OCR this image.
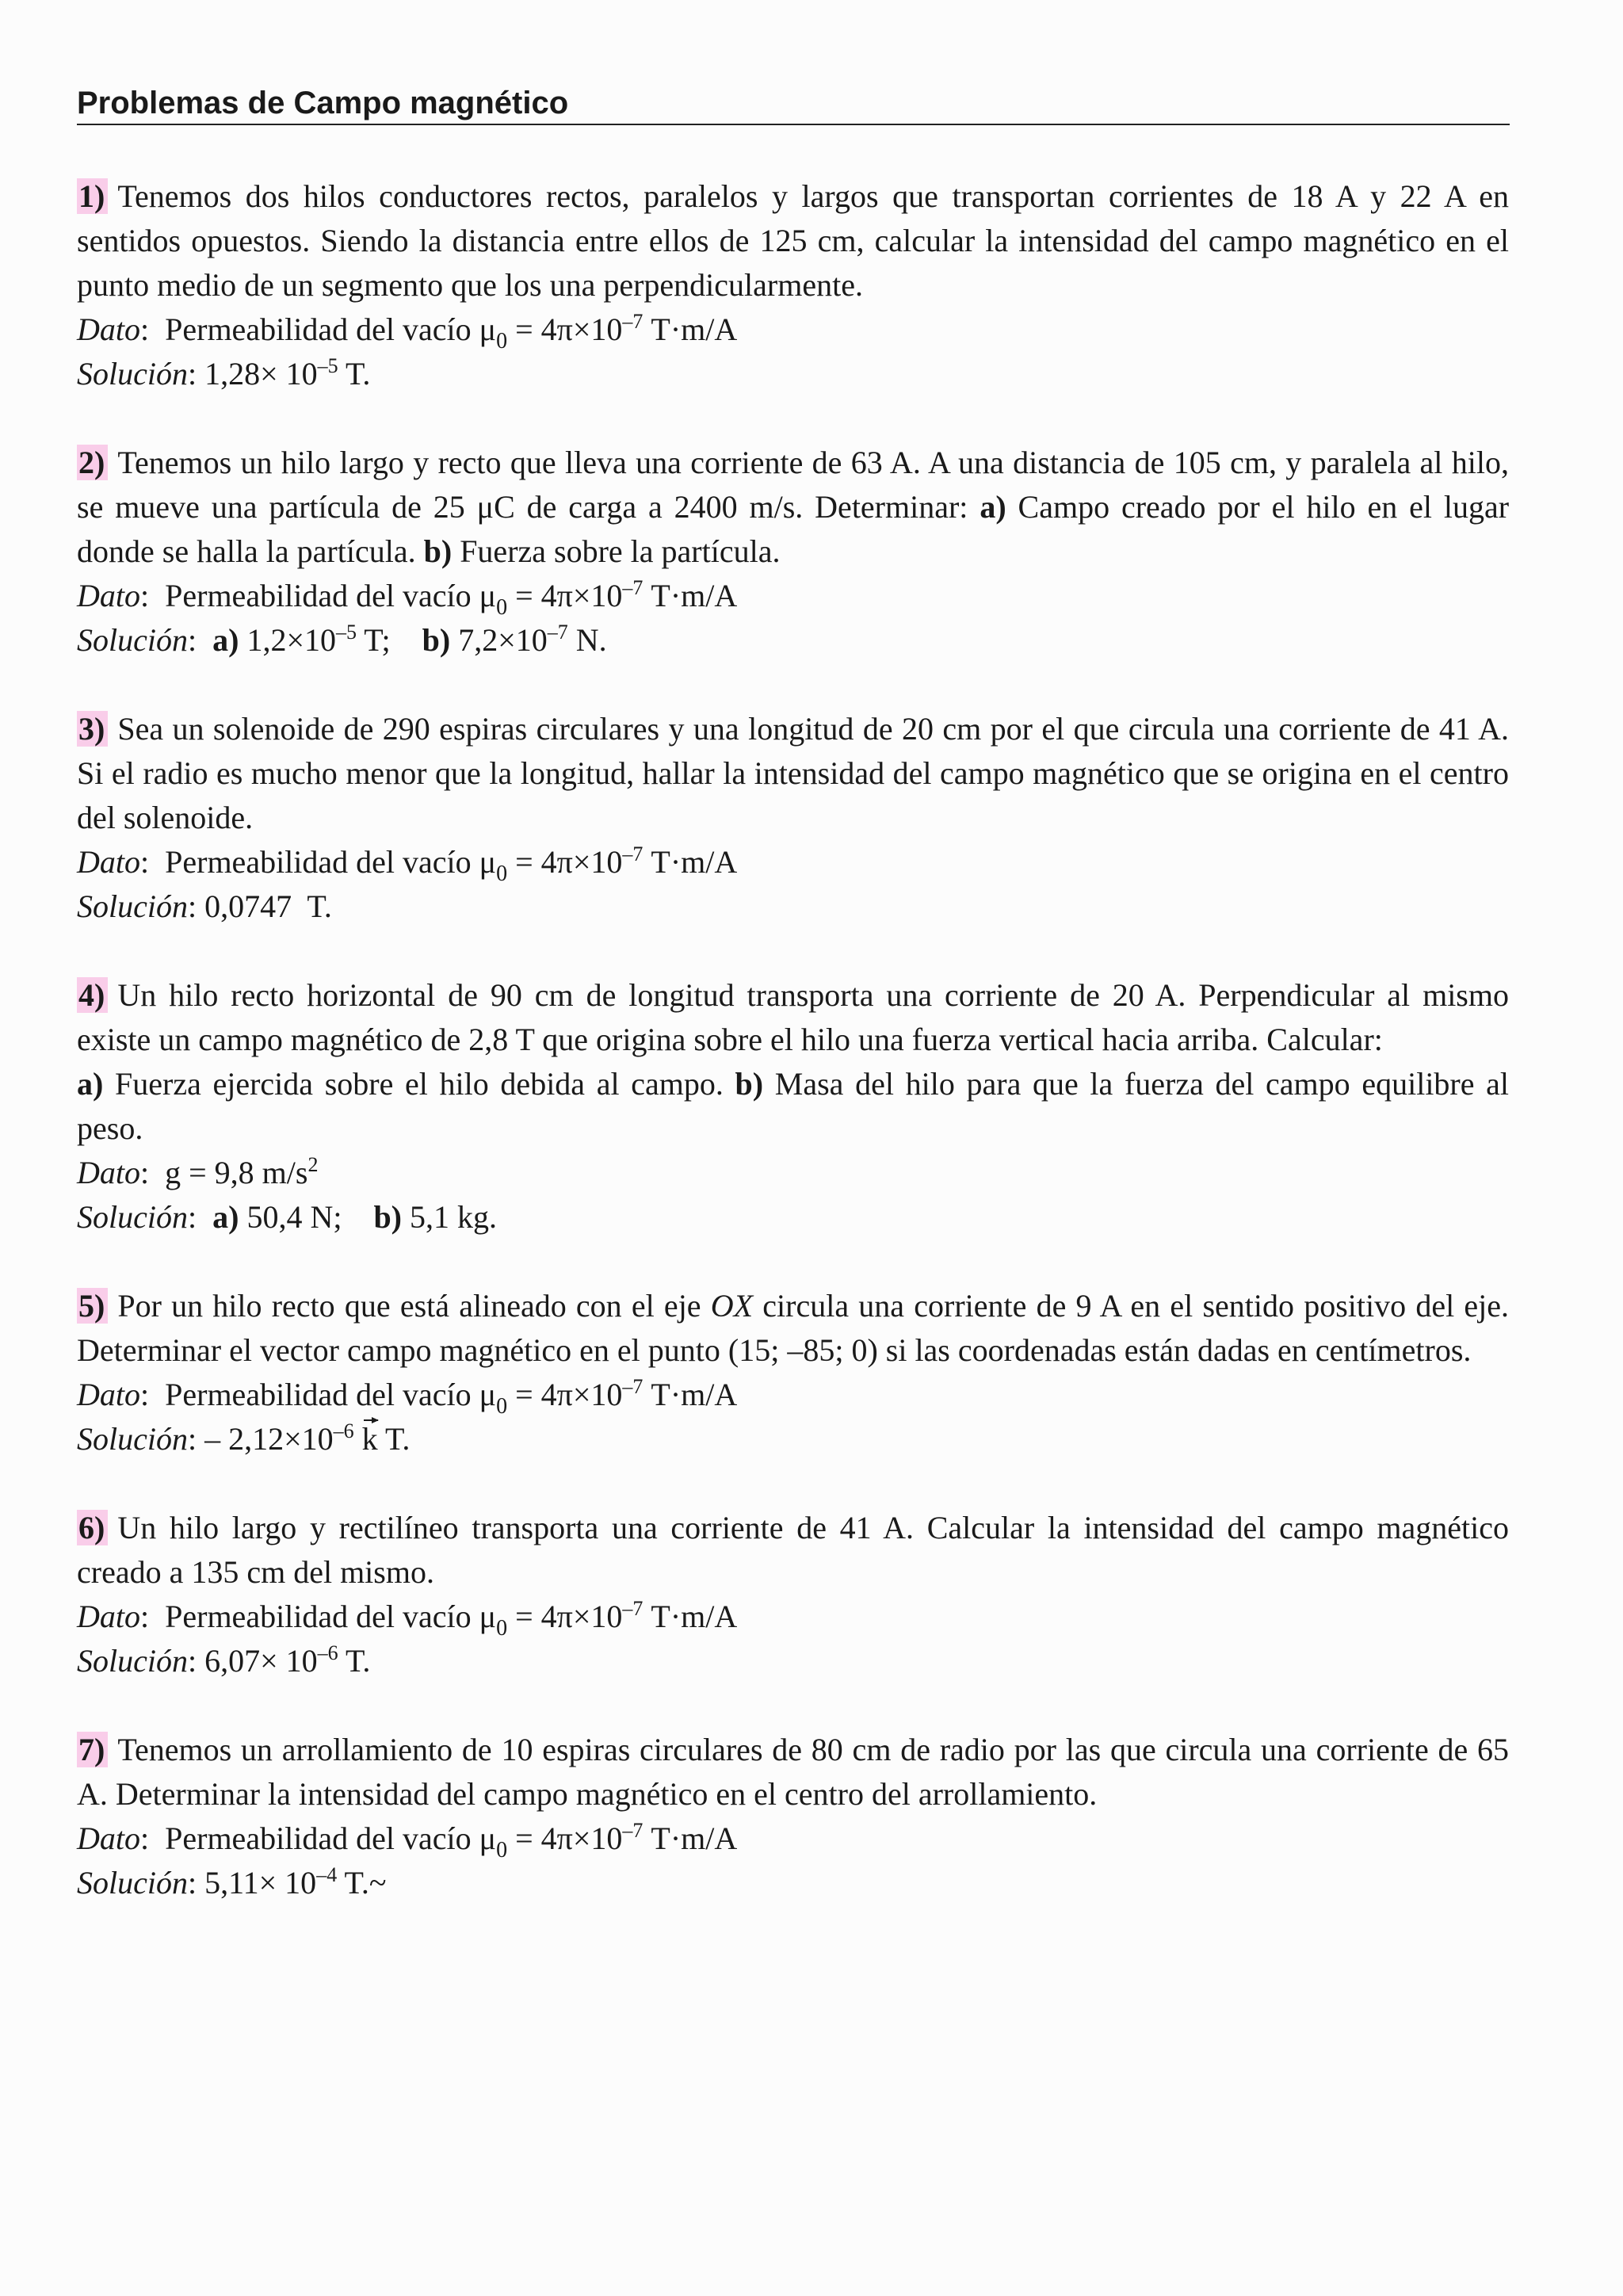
Problemas de Campo magnético
1) Tenemos dos hilos conductores rectos, paralelos y largos que transportan corrientes de 18 A y 22 A en sentidos opuestos. Siendo la distancia entre ellos de 125 cm, calcular la intensidad del campo magnético en el punto medio de un segmento que los una perpendicularmente.
Dato:  Permeabilidad del vacío $\mu_0 = 4\pi\times 10^{-7}$ T·m/A
Solución: $1,28\times 10^{-5}$ T.
2) Tenemos un hilo largo y recto que lleva una corriente de 63 A. A una distancia de 105 cm, y paralela al hilo, se mueve una partícula de 25 μC de carga a 2400 m/s. Determinar: a) Campo creado por el hilo en el lugar donde se halla la partícula. b) Fuerza sobre la partícula.
Dato:  Permeabilidad del vacío $\mu_0 = 4\pi\times 10^{-7}$ T·m/A
Solución:  a) $1,2\times 10^{-5}$ T; b) $7,2\times 10^{-7}$ N.
3) Sea un solenoide de 290 espiras circulares y una longitud de 20 cm por el que circula una corriente de 41 A. Si el radio es mucho menor que la longitud, hallar la intensidad del campo magnético que se origina en el centro del solenoide.
Dato:  Permeabilidad del vacío $\mu_0 = 4\pi\times 10^{-7}$ T·m/A
Solución: 0,0747  T.
4) Un hilo recto horizontal de 90 cm de longitud transporta una corriente de 20 A. Perpendicular al mismo existe un campo magnético de 2,8 T que origina sobre el hilo una fuerza vertical hacia arriba. Calcular:
a) Fuerza ejercida sobre el hilo debida al campo. b) Masa del hilo para que la fuerza del campo equilibre al peso.
Dato:  g = 9,8 $m/s^2$
Solución:  a) 50,4 N; b) 5,1 kg.
5) Por un hilo recto que está alineado con el eje OX circula una corriente de 9 A en el sentido positivo del eje. Determinar el vector campo magnético en el punto (15; –85; 0) si las coordenadas están dadas en centímetros.
Dato:  Permeabilidad del vacío $\mu_0 = 4\pi\times 10^{-7}$ T·m/A
Solución: – $2,12\times 10^{-6}$ k T.
6) Un hilo largo y rectilíneo transporta una corriente de 41 A. Calcular la intensidad del campo magnético creado a 135 cm del mismo.
Dato:  Permeabilidad del vacío $\mu_0 = 4\pi\times 10^{-7}$ T·m/A
Solución: $6,07\times 10^{-6}$ T.
7) Tenemos un arrollamiento de 10 espiras circulares de 80 cm de radio por las que circula una corriente de 65 A. Determinar la intensidad del campo magnético en el centro del arrollamiento.
Dato:  Permeabilidad del vacío $\mu_0 = 4\pi\times 10^{-7}$ T·m/A
Solución: $5,11\times 10^{-4}$ T.~
